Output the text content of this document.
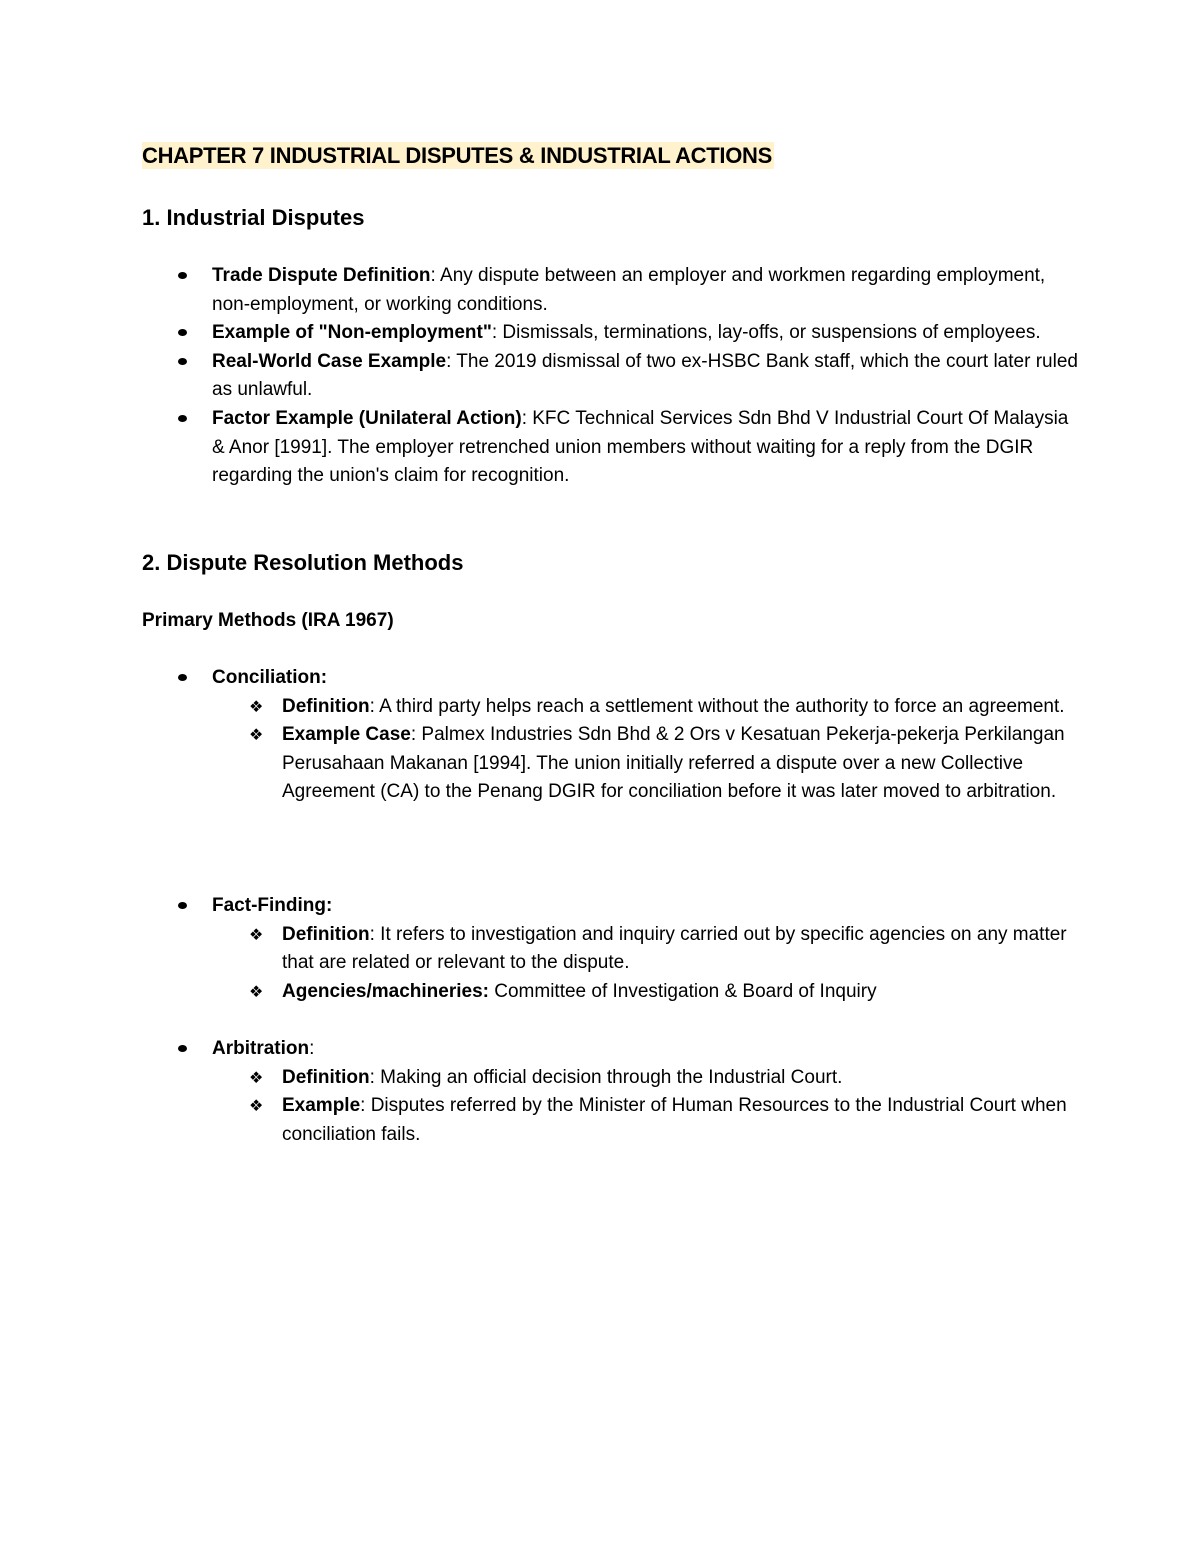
CHAPTER 7 INDUSTRIAL DISPUTES & INDUSTRIAL ACTIONS
1. Industrial Disputes
Trade Dispute Definition: Any dispute between an employer and workmen regarding employment, non-employment, or working conditions.
Example of "Non-employment": Dismissals, terminations, lay-offs, or suspensions of employees.
Real-World Case Example: The 2019 dismissal of two ex-HSBC Bank staff, which the court later ruled as unlawful.
Factor Example (Unilateral Action): KFC Technical Services Sdn Bhd V Industrial Court Of Malaysia & Anor [1991]. The employer retrenched union members without waiting for a reply from the DGIR regarding the union's claim for recognition.
2. Dispute Resolution Methods
Primary Methods (IRA 1967)
Conciliation:
❖ Definition: A third party helps reach a settlement without the authority to force an agreement.
❖ Example Case: Palmex Industries Sdn Bhd & 2 Ors v Kesatuan Pekerja-pekerja Perkilangan Perusahaan Makanan [1994]. The union initially referred a dispute over a new Collective Agreement (CA) to the Penang DGIR for conciliation before it was later moved to arbitration.
Fact-Finding:
❖ Definition: It refers to investigation and inquiry carried out by specific agencies on any matter that are related or relevant to the dispute.
❖ Agencies/machineries: Committee of Investigation & Board of Inquiry
Arbitration:
❖ Definition: Making an official decision through the Industrial Court.
❖ Example: Disputes referred by the Minister of Human Resources to the Industrial Court when conciliation fails.
